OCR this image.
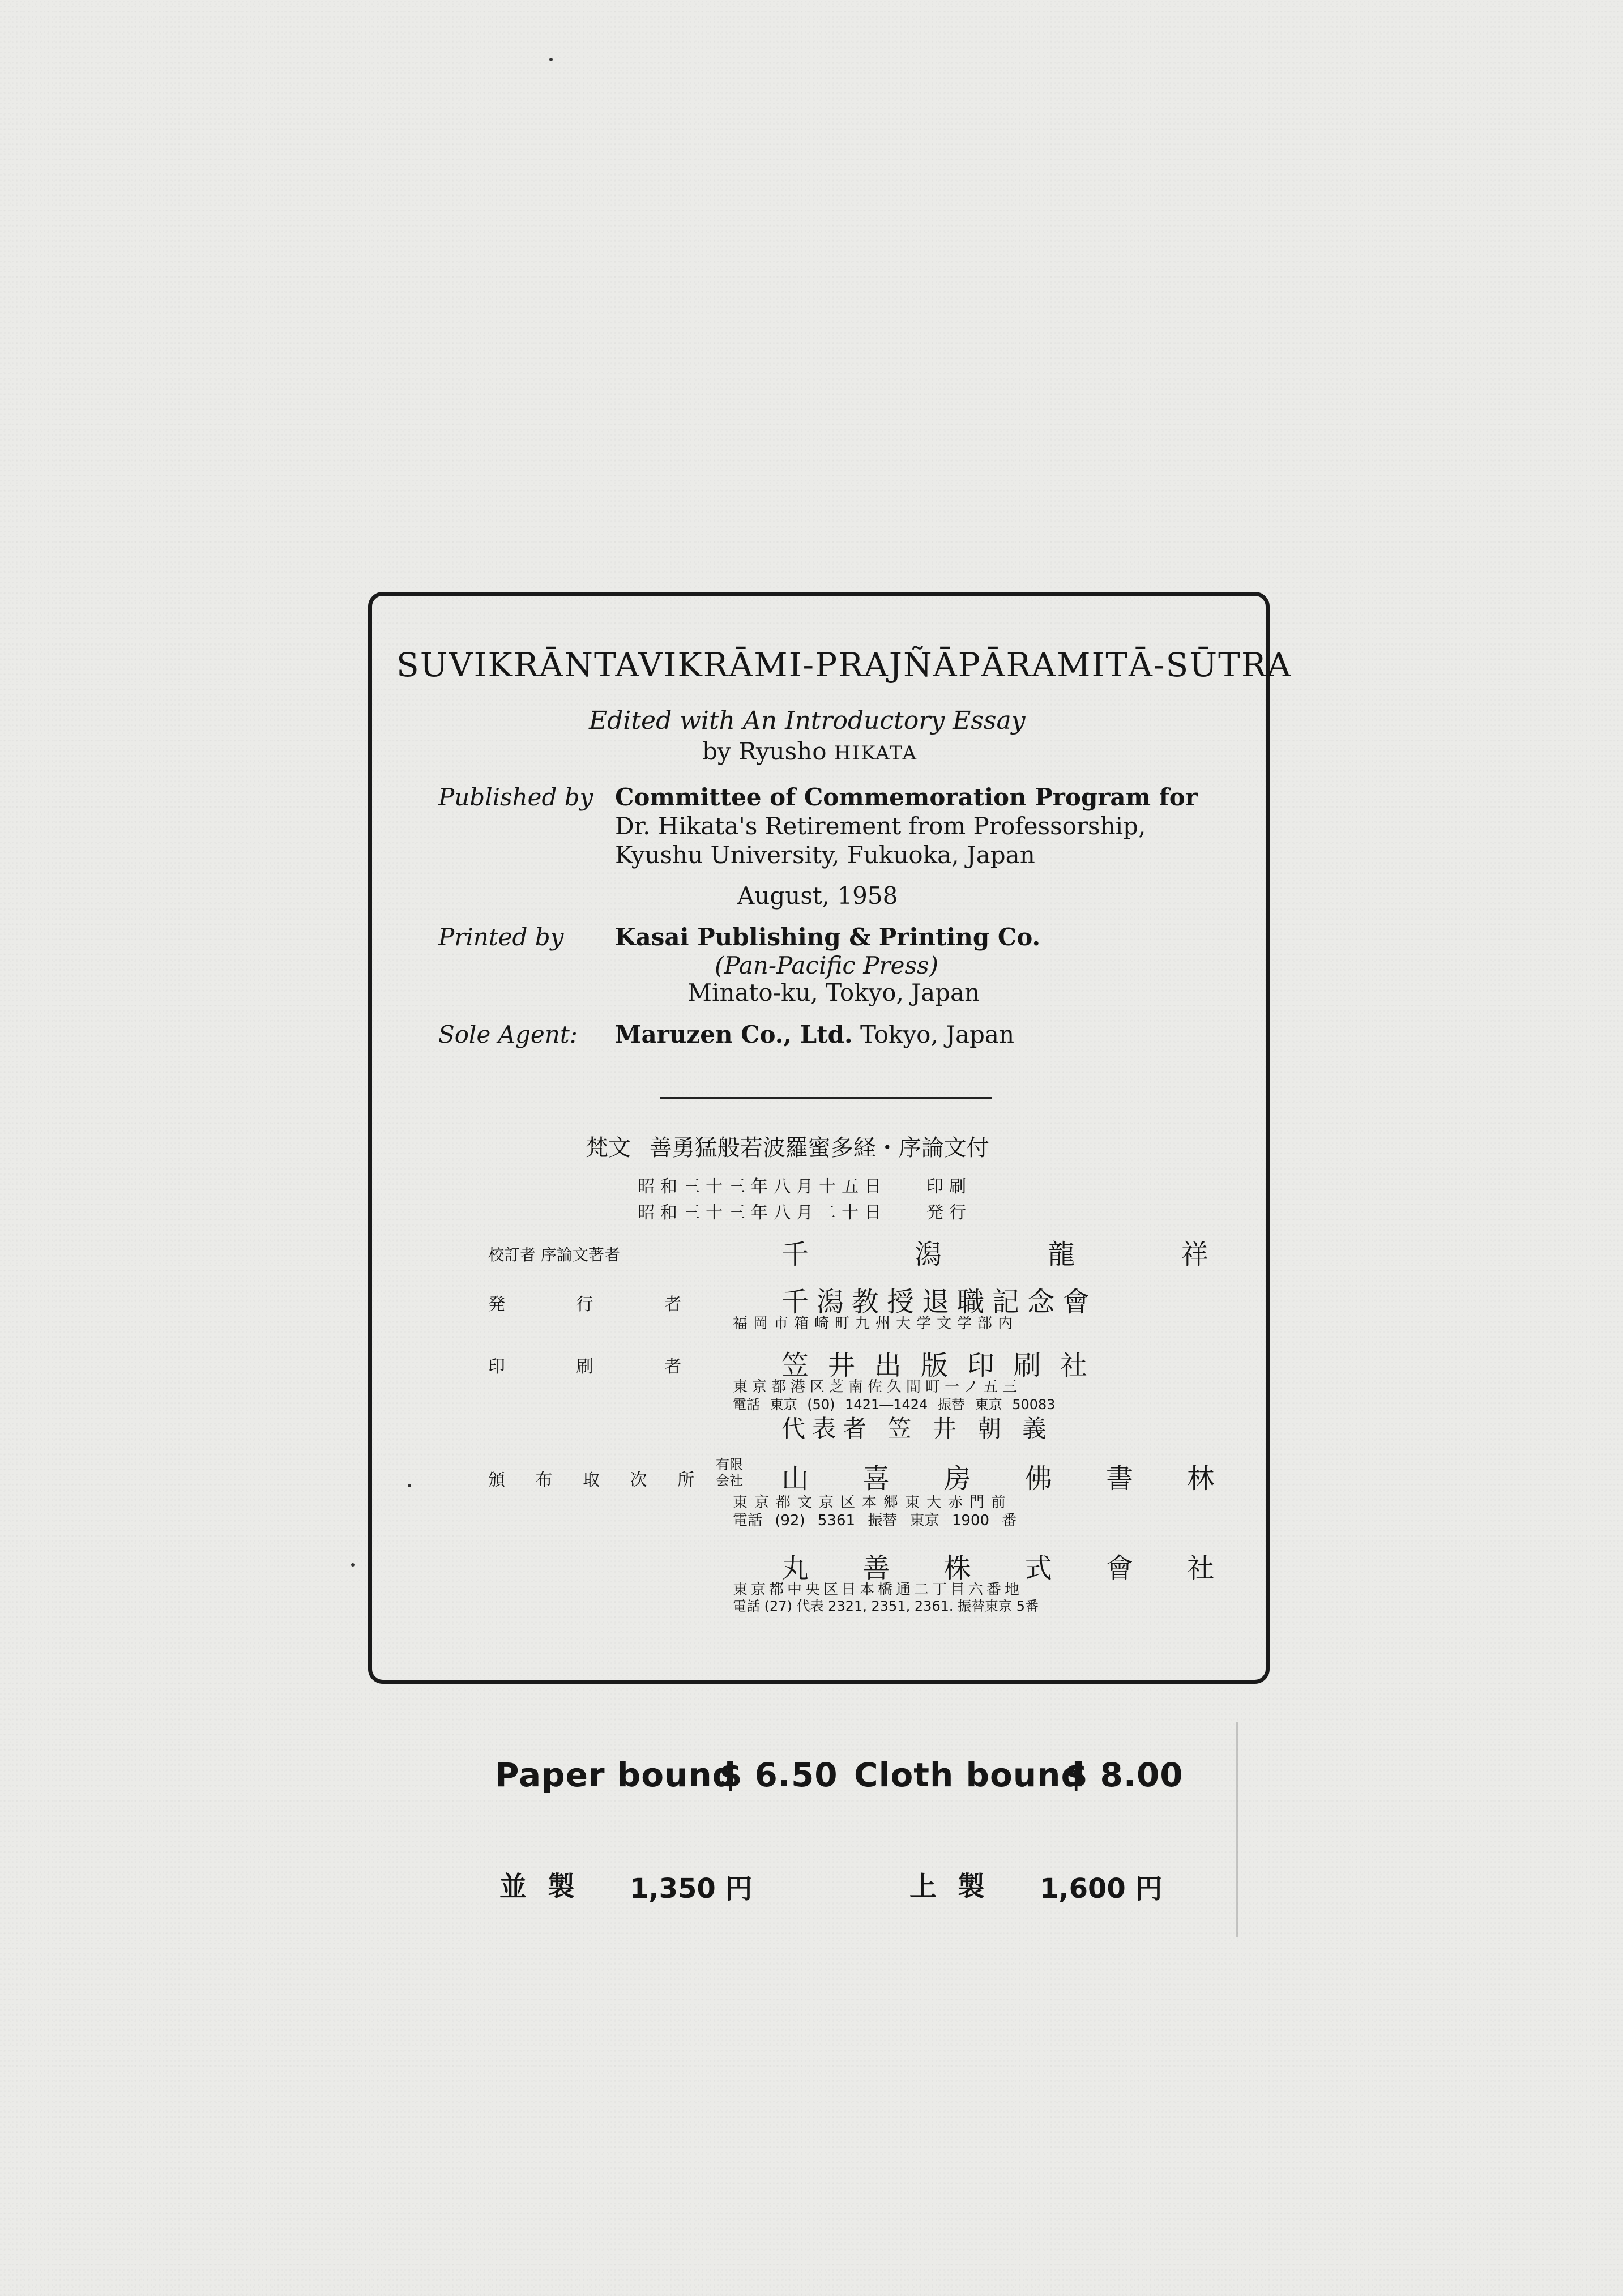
SUVIKRĀNTAVIKRĀMI-PRAJÑĀPĀRAMITĀ-SŪTRA
Edited with An Introductory Essay
by Ryusho HIKATA
Published by Committee of Commemoration Program for
Dr. Hikata's Retirement from Professorship,
Kyushu University, Fukuoka, Japan
August, 1958
Printed by Kasai Publishing & Printing Co.
(Pan-Pacific Press)
Minato-ku, Tokyo, Japan
Sole Agent: Maruzen Co., Ltd. Tokyo, Japan
梵文 善勇猛般若波羅蜜多経・序論文付
昭和三十三年八月十五日 印刷
昭和三十三年八月二十日 発行
校訂者 序論文著者	千 潟 龍 祥
発 行 者 千潟教授退職記念會
福岡市箱崎町九州大学文学部内
印 刷 者 笠井出版印刷社
東京都港区芝南佐久間町一ノ五三
電話 東京 (50) 1421―1424 振替 東京 50083
代表者 笠 井 朝 義
頒 布 取 次 所
有限
会社 山 喜 房 佛 書 林
東京都文京区本郷東大赤門前
電話 (92) 5361 振替 東京 1900 番
丸 善 株 式 會 社
東京都中央区日本橋通二丁目六番地
電話 (27) 代表 2321, 2351, 2361. 振替東京 5番
Paper bound
$ 6.50 Cloth bound
$ 8.00
並 製 1,350 円	上 製 1,600 円
